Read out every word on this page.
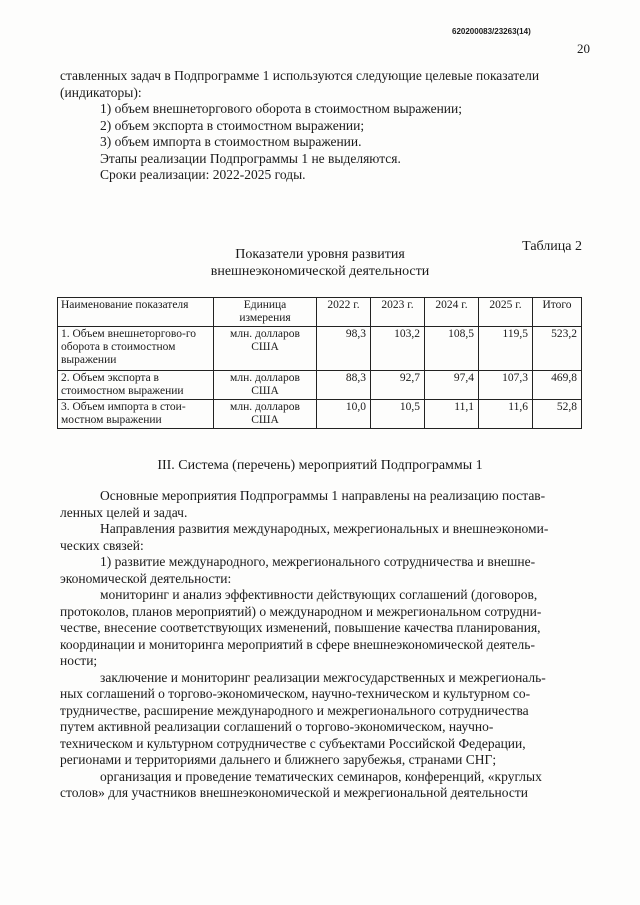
620200083/23263(14)
20
ставленных задач в Подпрограмме 1 используются следующие целевые показатели
(индикаторы):
1) объем внешнеторгового оборота в стоимостном выражении;
2) объем экспорта в стоимостном выражении;
3) объем импорта в стоимостном выражении.
Этапы реализации Подпрограммы 1 не выделяются.
Сроки реализации: 2022-2025 годы.
Таблица 2
Показатели уровня развития
внешнеэкономической деятельности
Наименование показателя	Единица измерения	2022 г.	2023 г.	2024 г.	2025 г.	Итого
1. Объем внешнеторгово-го оборота в стоимостном выражении	млн. долларов США	98,3	103,2	108,5	119,5	523,2
2. Объем экспорта в стоимостном выражении	млн. долларов США	88,3	92,7	97,4	107,3	469,8
3. Объем импорта в стои-мостном выражении	млн. долларов США	10,0	10,5	11,1	11,6	52,8
III. Система (перечень) мероприятий Подпрограммы 1
Основные мероприятия Подпрограммы 1 направлены на реализацию постав-
ленных целей и задач.
Направления развития международных, межрегиональных и внешнеэкономи-
ческих связей:
1) развитие международного, межрегионального сотрудничества и внешне-
экономической деятельности:
мониторинг и анализ эффективности действующих соглашений (договоров,
протоколов, планов мероприятий) о международном и межрегиональном сотрудни-
честве, внесение соответствующих изменений, повышение качества планирования,
координации и мониторинга мероприятий в сфере внешнеэкономической деятель-
ности;
заключение и мониторинг реализации межгосударственных и межрегиональ-
ных соглашений о торгово-экономическом, научно-техническом и культурном со-
трудничестве, расширение международного и межрегионального сотрудничества
путем активной реализации соглашений о торгово-экономическом, научно-
техническом и культурном сотрудничестве с субъектами Российской Федерации,
регионами и территориями дальнего и ближнего зарубежья, странами СНГ;
организация и проведение тематических семинаров, конференций, «круглых
столов» для участников внешнеэкономической и межрегиональной деятельности
